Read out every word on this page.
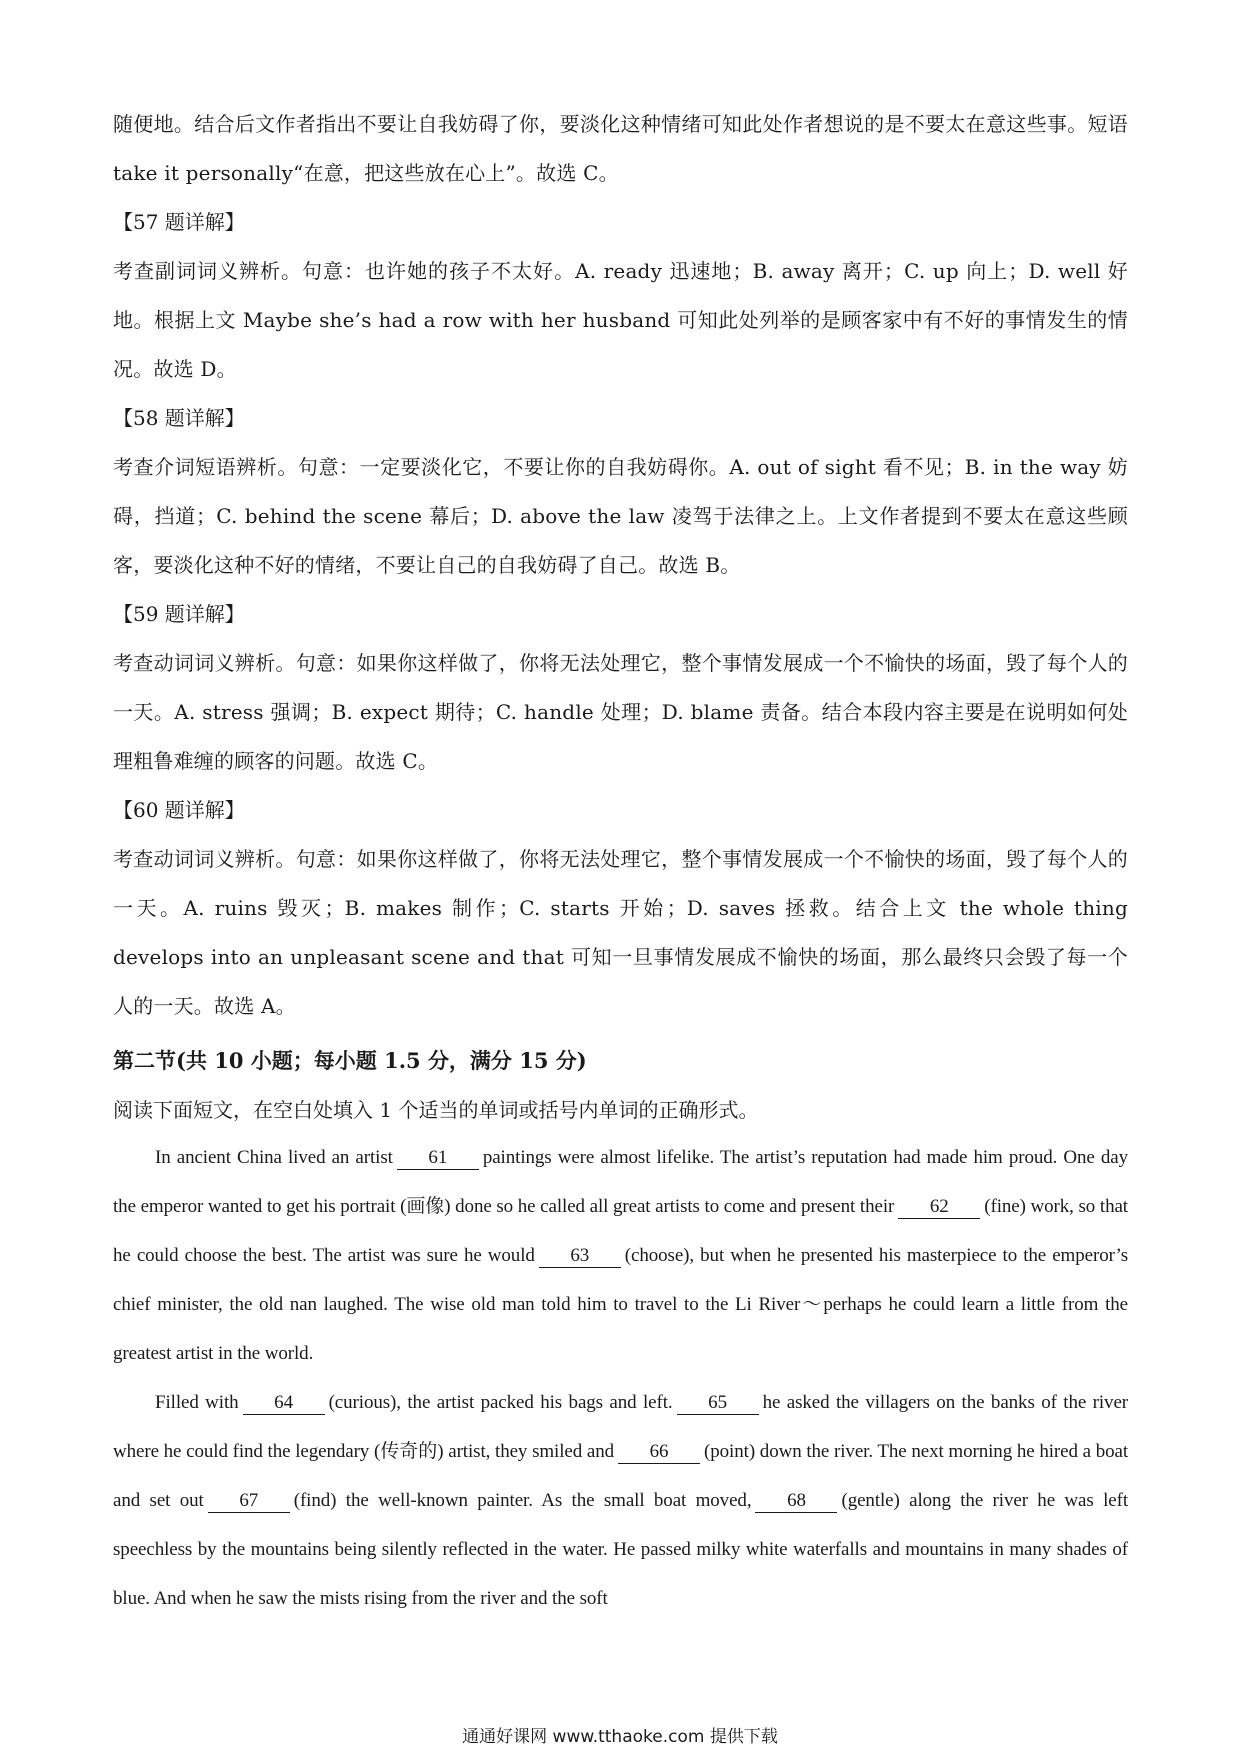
随便地。结合后文作者指出不要让自我妨碍了你，要淡化这种情绪可知此处作者想说的是不要太在意这些事。短语 take it personally“在意，把这些放在心上”。故选 C。

【57 题详解】

考查副词词义辨析。句意：也许她的孩子不太好。A. ready 迅速地；B. away 离开；C. up 向上；D. well 好地。根据上文 Maybe she’s had a row with her husband 可知此处列举的是顾客家中有不好的事情发生的情况。故选 D。

【58 题详解】

考查介词短语辨析。句意：一定要淡化它，不要让你的自我妨碍你。A. out of sight 看不见；B. in the way 妨碍，挡道；C. behind the scene 幕后；D. above the law 凌驾于法律之上。上文作者提到不要太在意这些顾客，要淡化这种不好的情绪，不要让自己的自我妨碍了自己。故选 B。

【59 题详解】

考查动词词义辨析。句意：如果你这样做了，你将无法处理它，整个事情发展成一个不愉快的场面，毁了每个人的一天。A. stress 强调；B. expect 期待；C. handle 处理；D. blame 责备。结合本段内容主要是在说明如何处理粗鲁难缠的顾客的问题。故选 C。

【60 题详解】

考查动词词义辨析。句意：如果你这样做了，你将无法处理它，整个事情发展成一个不愉快的场面，毁了每个人的一天。A. ruins 毁灭；B. makes 制作；C. starts 开始；D. saves 拯救。结合上文 the whole thing develops into an unpleasant scene and that 可知一旦事情发展成不愉快的场面，那么最终只会毁了每一个人的一天。故选 A。

第二节(共 10 小题；每小题 1.5 分，满分 15 分)

阅读下面短文，在空白处填入 1 个适当的单词或括号内单词的正确形式。

In ancient China lived an artist 61 paintings were almost lifelike. The artist’s reputation had made him proud. One day the emperor wanted to get his portrait (画像) done so he called all great artists to come and present their 62 (fine) work, so that he could choose the best. The artist was sure he would 63 (choose), but when he presented his masterpiece to the emperor’s chief minister, the old nan laughed. The wise old man told him to travel to the Li River～perhaps he could learn a little from the greatest artist in the world.

Filled with 64 (curious), the artist packed his bags and left. 65 he asked the villagers on the banks of the river where he could find the legendary (传奇的) artist, they smiled and 66 (point) down the river. The next morning he hired a boat and set out 67 (find) the well-known painter. As the small boat moved, 68 (gentle) along the river he was left speechless by the mountains being silently reflected in the water. He passed milky white waterfalls and mountains in many shades of blue. And when he saw the mists rising from the river and the soft

通通好课网 www.tthaoke.com 提供下载
